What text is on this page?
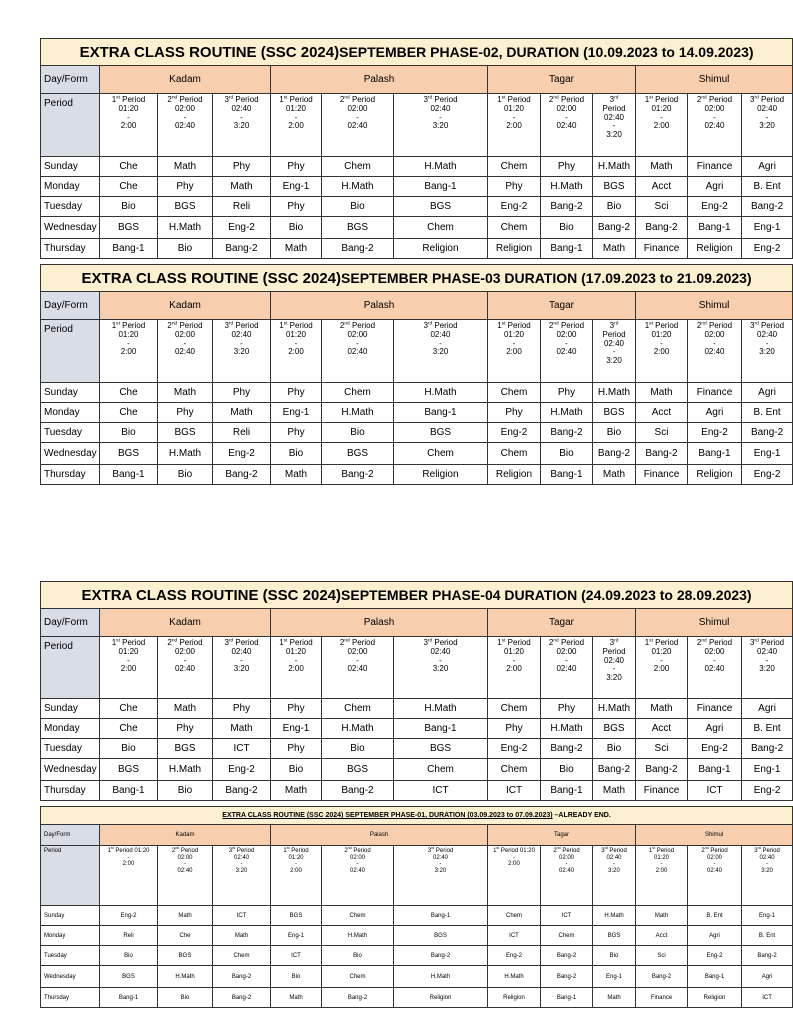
EXTRA CLASS ROUTINE (SSC 2024)SEPTEMBER PHASE-02, DURATION (10.09.2023 to 14.09.2023)												
Day/Form	Kadam			Palash			Tagar			Shimul		
Period	1st Period
01:20
-
2:00	2nd Period
02:00
-
02:40	3rd Period
02:40
-
3:20	1st Period
01:20
-
2:00	2nd Period
02:00
-
02:40	3rd Period
02:40
-
3:20	1st Period
01:20
-
2:00	2nd Period
02:00
-
02:40	3rd
Period
02:40
-
3:20	1st Period
01:20
-
2:00	2nd Period
02:00
-
02:40	3rd Period
02:40
-
3:20

Sunday	Che	Math	Phy	Phy	Chem	H.Math	Chem	Phy	H.Math	Math	Finance	Agri
Monday	Che	Phy	Math	Eng-1	H.Math	Bang-1	Phy	H.Math	BGS	Acct	Agri	B. Ent
Tuesday	Bio	BGS	Reli	Phy	Bio	BGS	Eng-2	Bang-2	Bio	Sci	Eng-2	Bang-2
Wednesday	BGS	H.Math	Eng-2	Bio	BGS	Chem	Chem	Bio	Bang-2	Bang-2	Bang-1	Eng-1
Thursday	Bang-1	Bio	Bang-2	Math	Bang-2	Religion	Religion	Bang-1	Math	Finance	Religion	Eng-2
EXTRA CLASS ROUTINE (SSC 2024)SEPTEMBER PHASE-03 DURATION (17.09.2023 to 21.09.2023)												
Day/Form	Kadam			Palash			Tagar			Shimul		
Period	1st Period
01:20
-
2:00	2nd Period
02:00
-
02:40	3rd Period
02:40
-
3:20	1st Period
01:20
-
2:00	2nd Period
02:00
-
02:40	3rd Period
02:40
-
3:20	1st Period
01:20
-
2:00	2nd Period
02:00
-
02:40	3rd
Period
02:40
-
3:20	1st Period
01:20
-
2:00	2nd Period
02:00
-
02:40	3rd Period
02:40
-
3:20

Sunday	Che	Math	Phy	Phy	Chem	H.Math	Chem	Phy	H.Math	Math	Finance	Agri
Monday	Che	Phy	Math	Eng-1	H.Math	Bang-1	Phy	H.Math	BGS	Acct	Agri	B. Ent
Tuesday	Bio	BGS	Reli	Phy	Bio	BGS	Eng-2	Bang-2	Bio	Sci	Eng-2	Bang-2
Wednesday	BGS	H.Math	Eng-2	Bio	BGS	Chem	Chem	Bio	Bang-2	Bang-2	Bang-1	Eng-1
Thursday	Bang-1	Bio	Bang-2	Math	Bang-2	Religion	Religion	Bang-1	Math	Finance	Religion	Eng-2
EXTRA CLASS ROUTINE (SSC 2024)SEPTEMBER PHASE-04 DURATION (24.09.2023 to 28.09.2023)												
Day/Form	Kadam			Palash			Tagar			Shimul		
Period	1st Period
01:20
-
2:00	2nd Period
02:00
-
02:40	3rd Period
02:40
-
3:20	1st Period
01:20
-
2:00	2nd Period
02:00
-
02:40	3rd Period
02:40
-
3:20	1st Period
01:20
-
2:00	2nd Period
02:00
-
02:40	3rd
Period
02:40
-
3:20	1st Period
01:20
-
2:00	2nd Period
02:00
-
02:40	3rd Period
02:40
-
3:20

Sunday	Che	Math	Phy	Phy	Chem	H.Math	Chem	Phy	H.Math	Math	Finance	Agri
Monday	Che	Phy	Math	Eng-1	H.Math	Bang-1	Phy	H.Math	BGS	Acct	Agri	B. Ent
Tuesday	Bio	BGS	ICT	Phy	Bio	BGS	Eng-2	Bang-2	Bio	Sci	Eng-2	Bang-2
Wednesday	BGS	H.Math	Eng-2	Bio	BGS	Chem	Chem	Bio	Bang-2	Bang-2	Bang-1	Eng-1
Thursday	Bang-1	Bio	Bang-2	Math	Bang-2	ICT	ICT	Bang-1	Math	Finance	ICT	Eng-2
EXTRA CLASS ROUTINE (SSC 2024) SEPTEMBER PHASE-01, DURATION (03.09.2023 to 07.09.2023) –ALREADY END.												
Day/Form	Kadam			Palash			Tagar			Shimul		
Period	1st Period 01:20
-
2:00	2nd Period
02:00
-
02:40	3rd Period
02:40
-
3:20	1st Period
01:20
-
2:00	2nd Period
02:00
-
02:40	3rd Period
02:40
-
3:20	1st Period 01:20
-
2:00	2nd Period
02:00
-
02:40	3rd Period
02:40
-
3:20	1st Period
01:20
-
2:00	2nd Period
02:00
-
02:40	3rd Period
02:40
-
3:20

Sunday	Eng-2	Math	ICT	BGS	Chem	Bang-1	Chem	ICT	H.Math	Math	B. Ent	Eng-1
Monday	Reli	Che	Math	Eng-1	H.Math	BGS	ICT	Chem	BGS	Acct	Agri	B. Ent
Tuesday	Bio	BGS	Chem	ICT	Bio	Bang-2	Eng-2	Bang-2	Bio	Sci	Eng-2	Bang-2
Wednesday	BGS	H.Math	Bang-2	Bio	Chem	H.Math	H.Math	Bang-2	Eng-1	Bang-2	Bang-1	Agri
Thursday	Bang-1	Bio	Bang-2	Math	Bang-2	Religion	Religion	Bang-1	Math	Finance	Religion	ICT
